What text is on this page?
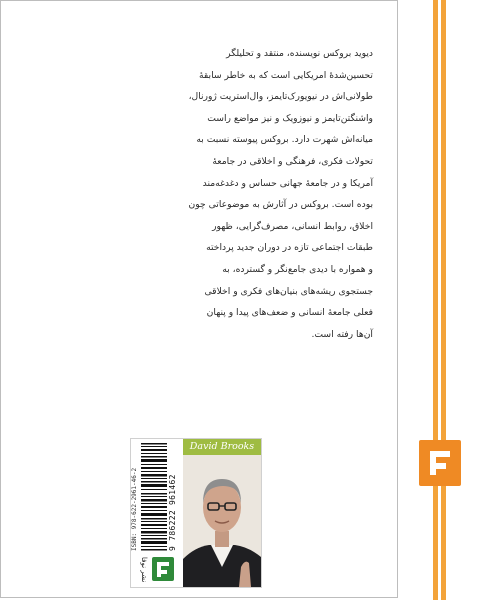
دیوید بروکس نویسنده، منتقد و تحلیلگر

تحسین‌شدهٔ امریکایی است که به خاطر سابقهٔ

طولانی‌اش در نیویورک‌تایمز، وال‌استریت ژورنال،

واشنگتن‌تایمز و نیوزویک و نیز مواضع راست

میانه‌اش شهرت دارد. بروکس پیوسته نسبت به

تحولات فکری، فرهنگی و اخلاقی در جامعهٔ

آمریکا و در جامعهٔ جهانی حساس و دغدغه‌مند

بوده است. بروکس در آثارش به موضوعاتی چون

اخلاق، روابط انسانی، مصرف‌گرایی، ظهور

طبقات اجتماعی تازه در دوران جدید پرداخته

و همواره با دیدی جامع‌نگر و گسترده، به

جستجوی ریشه‌های بنیان‌های فکری و اخلاقی

فعلی جامعهٔ انسانی و ضعف‌های پیدا و پنهان

آن‌ها رفته است.

ISBN: 978-622-2961-46-2	9 786222 961462
نشر نوفا
David Brooks
